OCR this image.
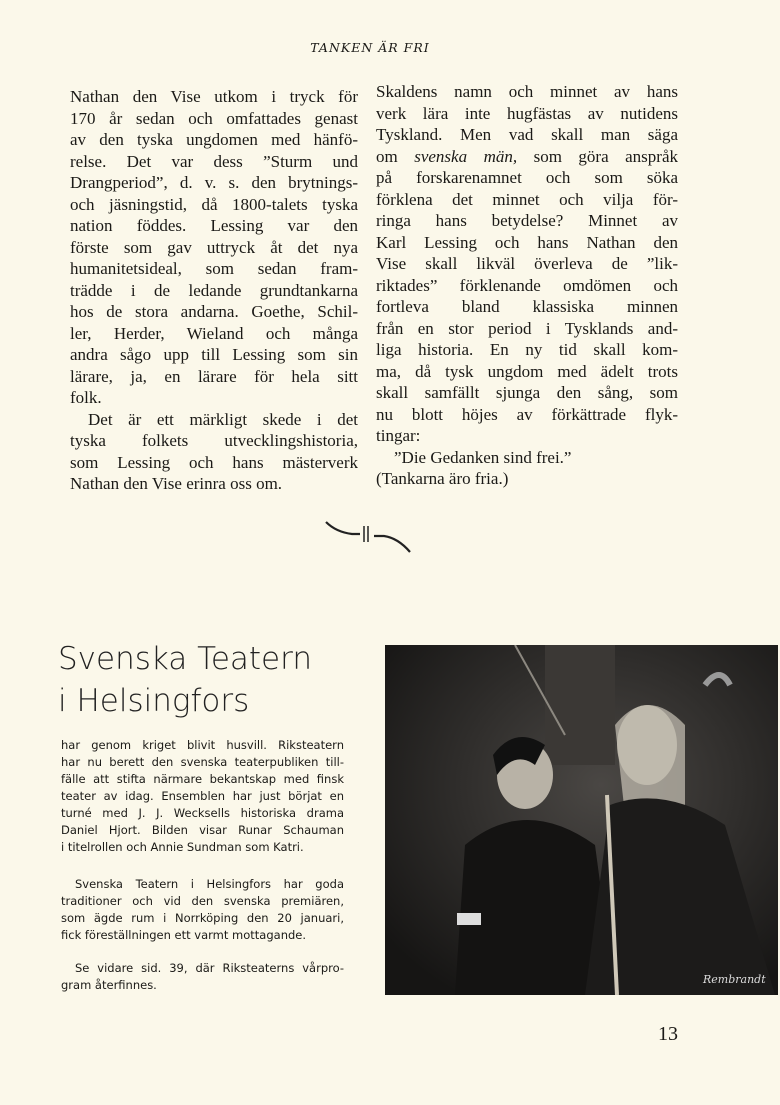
TANKEN ÄR FRI
Nathan den Vise utkom i tryck för
170 år sedan och omfattades genast
av den tyska ungdomen med hänfö-
relse. Det var dess ”Sturm und
Drangperiod”, d. v. s. den brytnings-
och jäsningstid, då 1800-talets tyska
nation föddes. Lessing var den
förste som gav uttryck åt det nya
humanitetsideal, som sedan fram-
trädde i de ledande grundtankarna
hos de stora andarna. Goethe, Schil-
ler, Herder, Wieland och många
andra sågo upp till Lessing som sin
lärare, ja, en lärare för hela sitt
folk.
Det är ett märkligt skede i det
tyska folkets utvecklingshistoria,
som Lessing och hans mästerverk
Nathan den Vise erinra oss om.
Skaldens namn och minnet av hans
verk lära inte hugfästas av nutidens
Tyskland. Men vad skall man säga
om svenska män, som göra anspråk
på forskarenamnet och som söka
förklena det minnet och vilja för-
ringa hans betydelse? Minnet av
Karl Lessing och hans Nathan den
Vise skall likväl överleva de ”lik-
riktades” förklenande omdömen och
fortleva bland klassiska minnen
från en stor period i Tysklands and-
liga historia. En ny tid skall kom-
ma, då tysk ungdom med ädelt trots
skall samfällt sjunga den sång, som
nu blott höjes av förkättrade flyk-
tingar:
”Die Gedanken sind frei.”
(Tankarna äro fria.)
Svenska Teatern
i Helsingfors
har genom kriget blivit husvill. Riksteatern
har nu berett den svenska teaterpubliken till-
fälle att stifta närmare bekantskap med finsk
teater av idag. Ensemblen har just börjat en
turné med J. J. Wecksells historiska drama
Daniel Hjort. Bilden visar Runar Schauman
i titelrollen och Annie Sundman som Katri.
Svenska Teatern i Helsingfors har goda
traditioner och vid den svenska premiären,
som ägde rum i Norrköping den 20 januari,
fick föreställningen ett varmt mottagande.
Se vidare sid. 39, där Riksteaterns vårpro-
gram återfinnes.	Rembrandt
13
